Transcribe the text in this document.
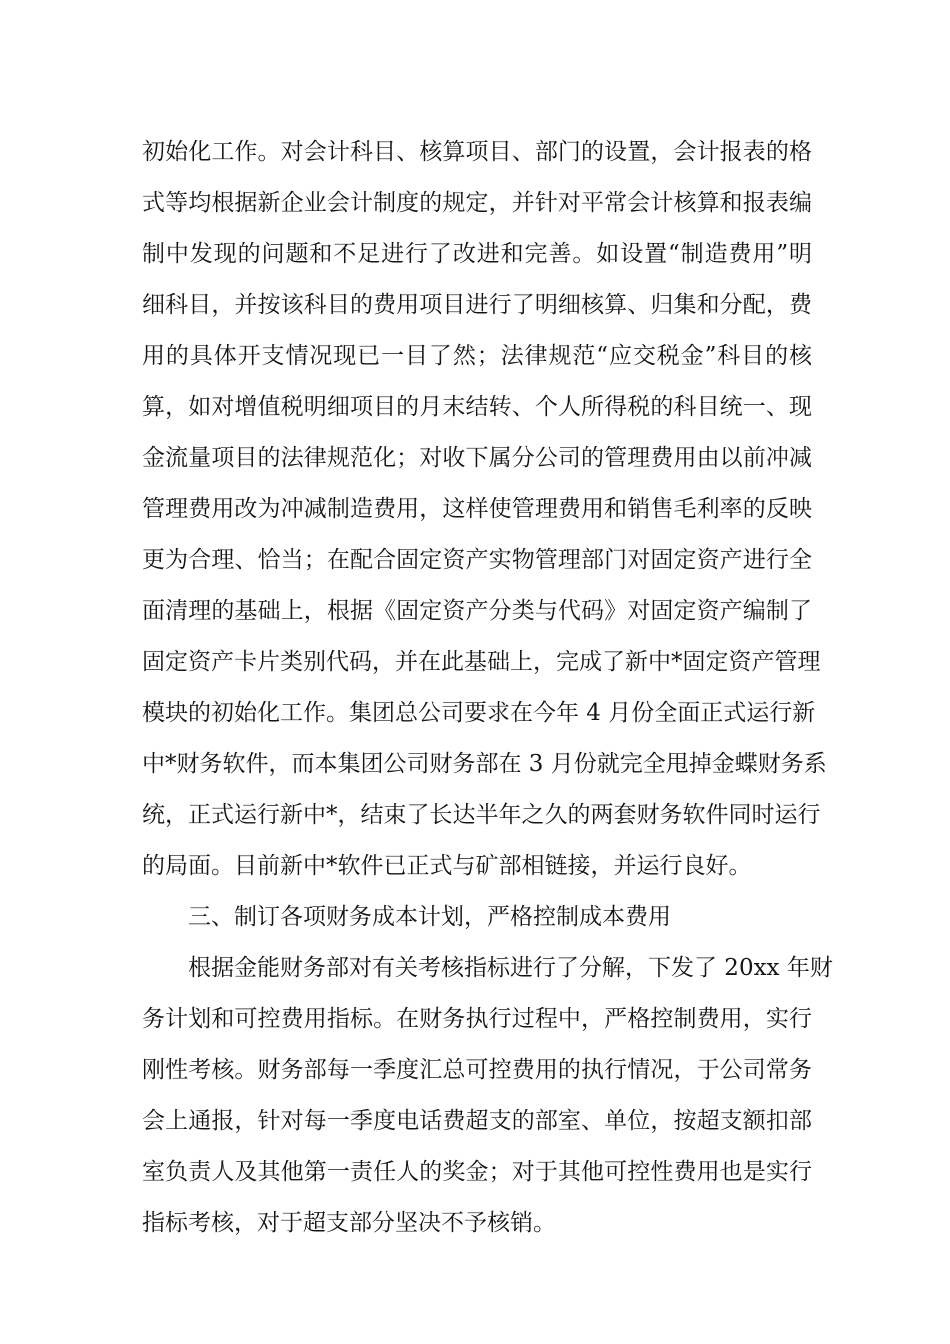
初始化工作。对会计科目、核算项目、部门的设置，会计报表的格
式等均根据新企业会计制度的规定，并针对平常会计核算和报表编
制中发现的问题和不足进行了改进和完善。如设置“制造费用”明
细科目，并按该科目的费用项目进行了明细核算、归集和分配，费
用的具体开支情况现已一目了然；法律规范“应交税金”科目的核
算，如对增值税明细项目的月末结转、个人所得税的科目统一、现
金流量项目的法律规范化；对收下属分公司的管理费用由以前冲减
管理费用改为冲减制造费用，这样使管理费用和销售毛利率的反映
更为合理、恰当；在配合固定资产实物管理部门对固定资产进行全
面清理的基础上，根据《固定资产分类与代码》对固定资产编制了
固定资产卡片类别代码，并在此基础上，完成了新中*固定资产管理
模块的初始化工作。集团总公司要求在今年 4 月份全面正式运行新
中*财务软件，而本集团公司财务部在 3 月份就完全甩掉金蝶财务系
统，正式运行新中*，结束了长达半年之久的两套财务软件同时运行
的局面。目前新中*软件已正式与矿部相链接，并运行良好。
三、制订各项财务成本计划，严格控制成本费用
根据金能财务部对有关考核指标进行了分解，下发了 20xx 年财
务计划和可控费用指标。在财务执行过程中，严格控制费用，实行
刚性考核。财务部每一季度汇总可控费用的执行情况，于公司常务
会上通报，针对每一季度电话费超支的部室、单位，按超支额扣部
室负责人及其他第一责任人的奖金；对于其他可控性费用也是实行
指标考核，对于超支部分坚决不予核销。
